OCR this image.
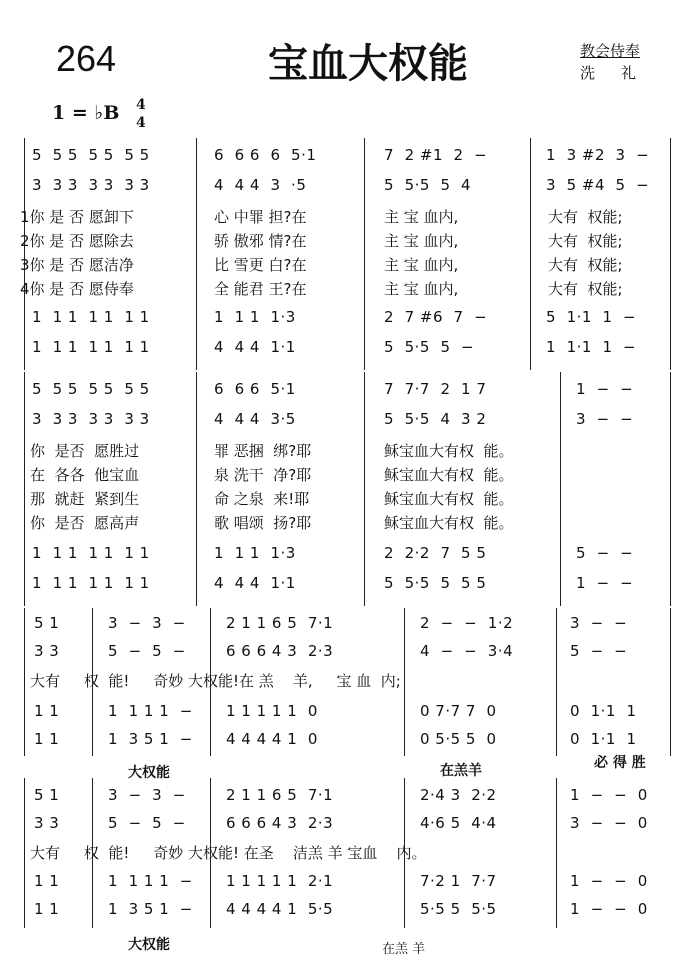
264	宝血大权能	教会侍奉
洗礼
1 = ♭B 4
4
5  5 5  5 5  5 5	6  6 6  6  5·1	7  2 #1  2  −	1  3 #2  3  −
3  3 3  3 3  3 3	4  4 4  3  ·5	5  5·5  5  4	3  5 #4  5  −
1你 是 否 愿卸下	心 中罪 担?在	主 宝 血内,	大有  权能;
2你 是 否 愿除去	骄 傲邪 情?在	主 宝 血内,	大有  权能;
3你 是 否 愿洁净	比 雪更 白?在	主 宝 血内,	大有  权能;
4你 是 否 愿侍奉	全 能君 王?在	主 宝 血内,	大有  权能;
1  1 1  1 1  1 1	1  1 1  1·3	2  7 #6  7  −	5  1·1  1  −
1  1 1  1 1  1 1	4  4 4  1·1	5  5·5  5  −	1  1·1  1  −
5  5 5  5 5  5 5	6  6 6  5·1	7  7·7  2  1 7	1  −  −
3  3 3  3 3  3 3	4  4 4  3·5	5  5·5  4  3 2	3  −  −
你  是否  愿胜过	罪 恶捆  绑?耶	稣宝血大有权  能。
在  各各  他宝血	泉 洗干  净?耶	稣宝血大有权  能。
那  就赶  紧到生	命 之泉  来!耶	稣宝血大有权  能。
你  是否  愿高声	歌 唱颂  扬?耶	稣宝血大有权  能。
1  1 1  1 1  1 1	1  1 1  1·3	2  2·2  7  5 5	5  −  −
1  1 1  1 1  1 1	4  4 4  1·1	5  5·5  5  5 5	1  −  −
5 1	3  −  3  −	2 1 1 6 5  7·1	2  −  −  1·2	3  −  −
3 3	5  −  5  −	6 6 6 4 3  2·3	4  −  −  3·4	5  −  −
大有     权  能!     奇妙 大权能!在 羔    羊,     宝 血  内;
1 1	1  1 1 1  − 1 1 1 1 1  0	0 7·7 7  0	0  1·1  1
1 1	1  3 5 1  − 4 4 4 4 1  0	0 5·5 5  0	0  1·1  1
大权能	在羔羊	必 得 胜
5 1	3  −  3  −	2 1 1 6 5  7·1	2·4 3  2·2	1  −  −  0
3 3	5  −  5  −	6 6 6 4 3  2·3	4·6 5  4·4	3  −  −  0
大有     权  能!     奇妙 大权能! 在圣    洁羔 羊 宝血    内。
1 1	1  1 1 1  − 1 1 1 1 1  2·1	7·2 1  7·7	1  −  −  0
1 1	1  3 5 1  − 4 4 4 4 1  5·5	5·5 5  5·5	1  −  −  0
大权能	在羔 羊
